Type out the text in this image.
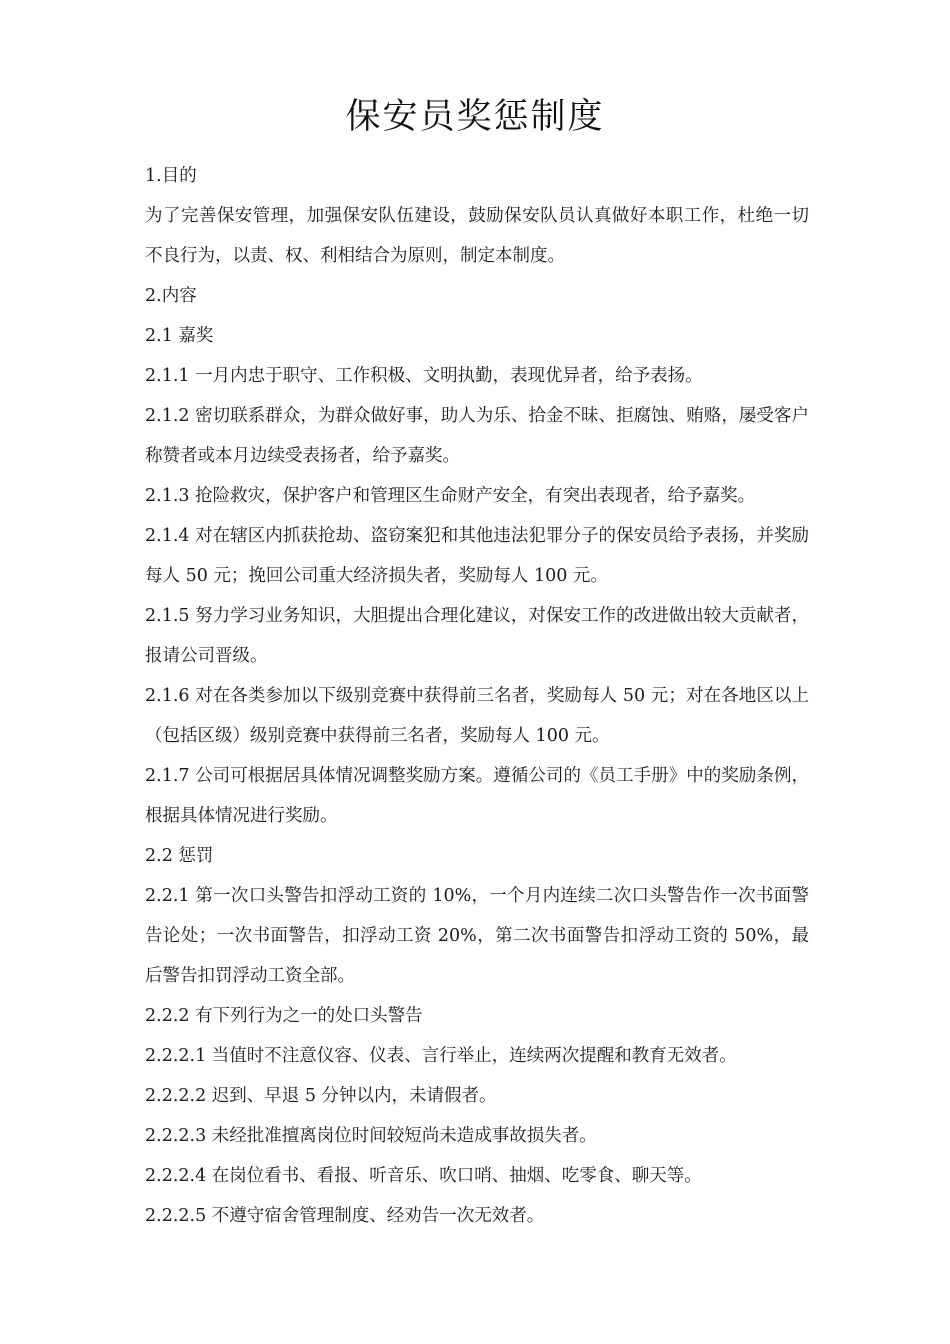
保安员奖惩制度

1.目的

为了完善保安管理，加强保安队伍建设，鼓励保安队员认真做好本职工作，杜绝一切不良行为，以责、权、利相结合为原则，制定本制度。

2.内容

2.1 嘉奖

2.1.1 一月内忠于职守、工作积极、文明执勤，表现优异者，给予表扬。

2.1.2 密切联系群众，为群众做好事，助人为乐、拾金不昧、拒腐蚀、贿赂，屡受客户称赞者或本月边续受表扬者，给予嘉奖。

2.1.3 抢险救灾，保护客户和管理区生命财产安全，有突出表现者，给予嘉奖。

2.1.4 对在辖区内抓获抢劫、盗窃案犯和其他违法犯罪分子的保安员给予表扬，并奖励每人 50 元；挽回公司重大经济损失者，奖励每人 100 元。

2.1.5 努力学习业务知识，大胆提出合理化建议，对保安工作的改进做出较大贡献者，报请公司晋级。

2.1.6 对在各类参加以下级别竞赛中获得前三名者，奖励每人 50 元；对在各地区以上（包括区级）级别竞赛中获得前三名者，奖励每人 100 元。

2.1.7 公司可根据居具体情况调整奖励方案。遵循公司的《员工手册》中的奖励条例，根据具体情况进行奖励。

2.2 惩罚

2.2.1 第一次口头警告扣浮动工资的 10%，一个月内连续二次口头警告作一次书面警告论处；一次书面警告，扣浮动工资 20%，第二次书面警告扣浮动工资的 50%，最后警告扣罚浮动工资全部。

2.2.2 有下列行为之一的处口头警告

2.2.2.1 当值时不注意仪容、仪表、言行举止，连续两次提醒和教育无效者。

2.2.2.2 迟到、早退 5 分钟以内，未请假者。

2.2.2.3 未经批准擅离岗位时间较短尚未造成事故损失者。

2.2.2.4 在岗位看书、看报、听音乐、吹口哨、抽烟、吃零食、聊天等。

2.2.2.5 不遵守宿舍管理制度、经劝告一次无效者。
